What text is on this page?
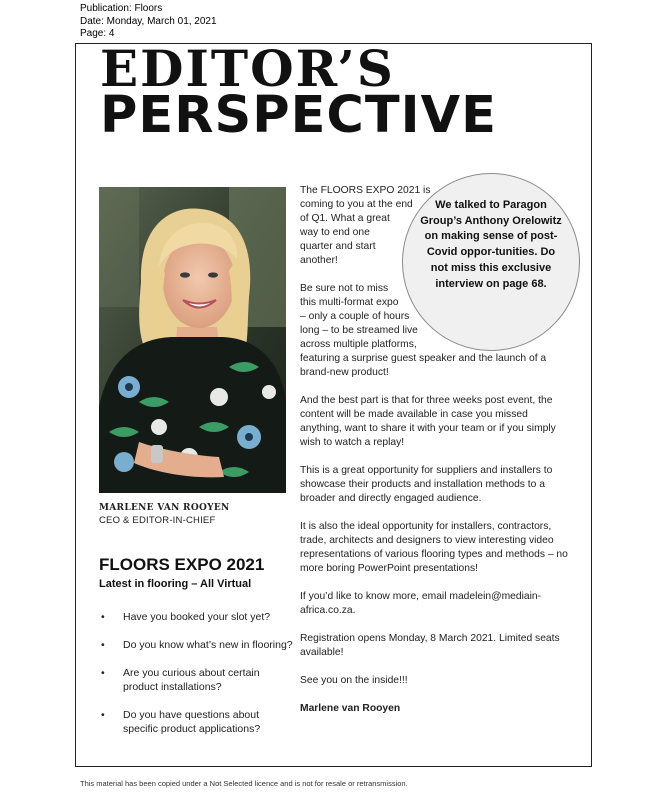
Publication: Floors
Date: Monday, March 01, 2021
Page: 4
EDITOR’S
PERSPECTIVE
MARLENE VAN ROOYEN
CEO & EDITOR-IN-CHIEF
FLOORS EXPO 2021
Latest in flooring – All Virtual
• Have you booked your slot yet?
• Do you know what’s new in flooring?
• Are you curious about certain product installations?
• Do you have questions about specific product applications?
We talked to Paragon Group’s Anthony Orelowitz on making sense of post-Covid oppor-tunities. Do not miss this exclusive interview on page 68.

The FLOORS EXPO 2021 is coming to you at the end of Q1. What a great way to end one quarter and start another!

Be sure not to miss this multi-format expo – only a couple of hours long – to be streamed live across multiple platforms, featuring a surprise guest speaker and the launch of a brand-new product!

And the best part is that for three weeks post event, the content will be made available in case you missed anything, want to share it with your team or if you simply wish to watch a replay!

This is a great opportunity for suppliers and installers to showcase their products and installation methods to a broader and directly engaged audience.

It is also the ideal opportunity for installers, contractors, trade, architects and designers to view interesting video representations of various flooring types and methods – no more boring PowerPoint presentations!

If you’d like to know more, email madelein@mediain-africa.co.za.

Registration opens Monday, 8 March 2021. Limited seats available!

See you on the inside!!!

Marlene van Rooyen

This material has been copied under a Not Selected licence and is not for resale or retransmission.
